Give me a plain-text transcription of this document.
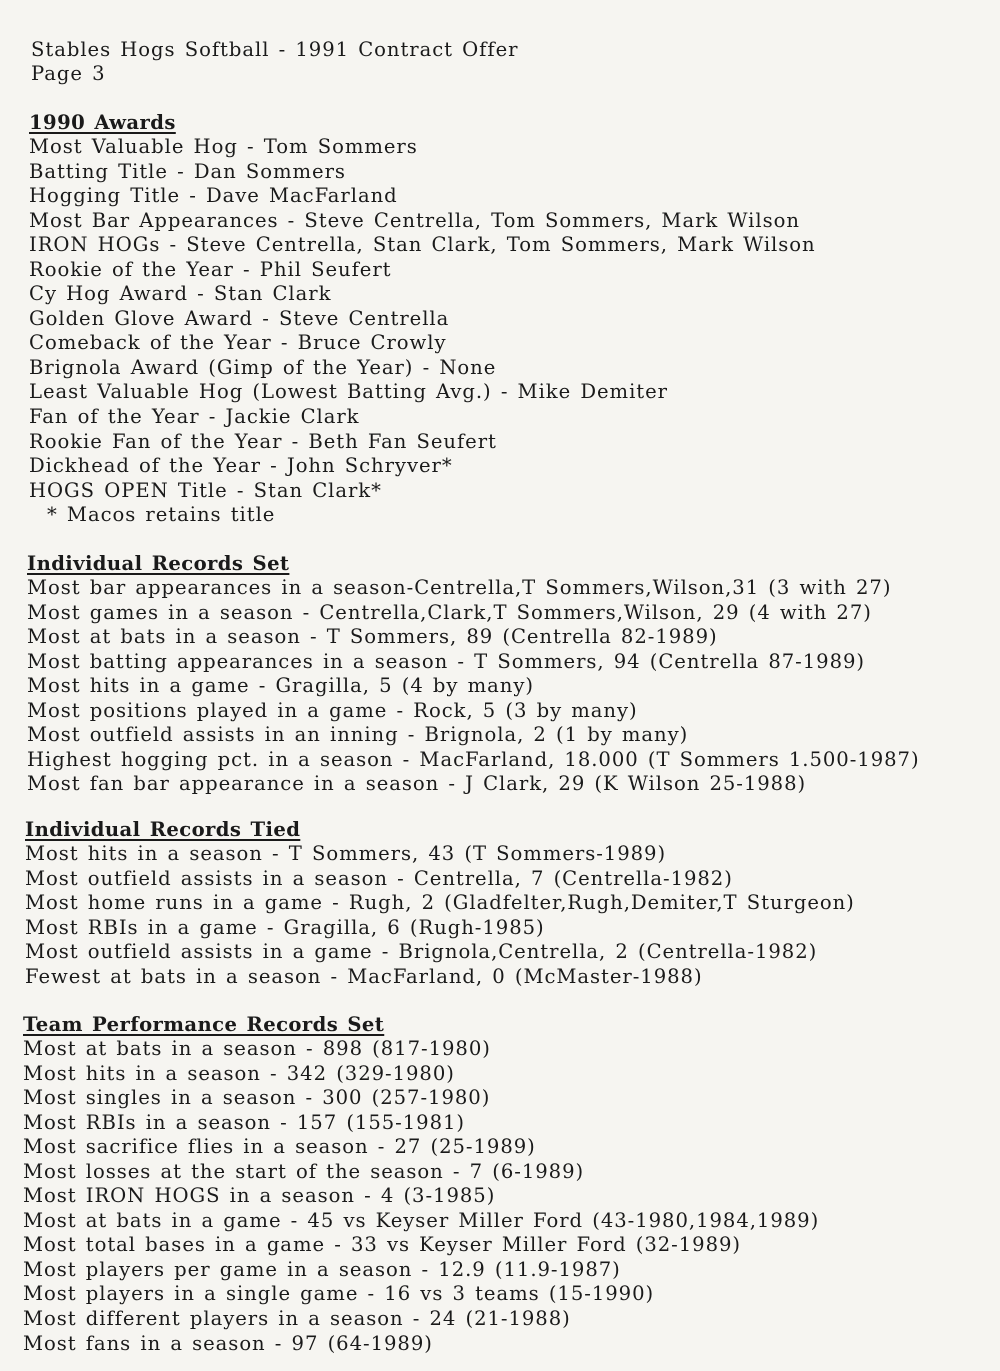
Stables Hogs Softball - 1991 Contract Offer
Page 3
1990 Awards
Most Valuable Hog - Tom Sommers
Batting Title - Dan Sommers
Hogging Title - Dave MacFarland
Most Bar Appearances - Steve Centrella, Tom Sommers, Mark Wilson
IRON HOGs - Steve Centrella, Stan Clark, Tom Sommers, Mark Wilson
Rookie of the Year - Phil Seufert
Cy Hog Award - Stan Clark
Golden Glove Award - Steve Centrella
Comeback of the Year - Bruce Crowly
Brignola Award (Gimp of the Year) - None
Least Valuable Hog (Lowest Batting Avg.) - Mike Demiter
Fan of the Year - Jackie Clark
Rookie Fan of the Year - Beth Fan Seufert
Dickhead of the Year - John Schryver*
HOGS OPEN Title - Stan Clark*
* Macos retains title
Individual Records Set
Most bar appearances in a season-Centrella,T Sommers,Wilson,31 (3 with 27)
Most games in a season - Centrella,Clark,T Sommers,Wilson, 29 (4 with 27)
Most at bats in a season - T Sommers, 89 (Centrella 82-1989)
Most batting appearances in a season - T Sommers, 94 (Centrella 87-1989)
Most hits in a game - Gragilla, 5 (4 by many)
Most positions played in a game - Rock, 5 (3 by many)
Most outfield assists in an inning - Brignola, 2 (1 by many)
Highest hogging pct. in a season - MacFarland, 18.000 (T Sommers 1.500-1987)
Most fan bar appearance in a season - J Clark, 29 (K Wilson 25-1988)
Individual Records Tied
Most hits in a season - T Sommers, 43 (T Sommers-1989)
Most outfield assists in a season - Centrella, 7 (Centrella-1982)
Most home runs in a game - Rugh, 2 (Gladfelter,Rugh,Demiter,T Sturgeon)
Most RBIs in a game - Gragilla, 6 (Rugh-1985)
Most outfield assists in a game - Brignola,Centrella, 2 (Centrella-1982)
Fewest at bats in a season - MacFarland, 0 (McMaster-1988)
Team Performance Records Set
Most at bats in a season - 898 (817-1980)
Most hits in a season - 342 (329-1980)
Most singles in a season - 300 (257-1980)
Most RBIs in a season - 157 (155-1981)
Most sacrifice flies in a season - 27 (25-1989)
Most losses at the start of the season - 7 (6-1989)
Most IRON HOGS in a season - 4 (3-1985)
Most at bats in a game - 45 vs Keyser Miller Ford (43-1980,1984,1989)
Most total bases in a game - 33 vs Keyser Miller Ford (32-1989)
Most players per game in a season - 12.9 (11.9-1987)
Most players in a single game - 16 vs 3 teams (15-1990)
Most different players in a season - 24 (21-1988)
Most fans in a season - 97 (64-1989)
